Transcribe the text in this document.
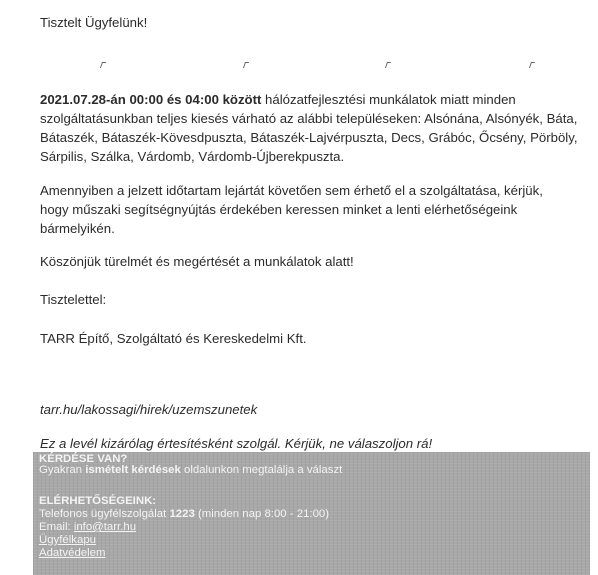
Tisztelt Ügyfelünk!
2021.07.28-án 00:00 és 04:00 között hálózatfejlesztési munkálatok miatt minden szolgáltatásunkban teljes kiesés várható az alábbi településeken: Alsónána, Alsónyék, Báta, Bátaszék, Bátaszék-Kövesdpuszta, Bátaszék-Lajvérpuszta, Decs, Grábóc, Őcsény, Pörböly, Sárpilis, Szálka, Várdomb, Várdomb-Újberekpuszta.
Amennyiben a jelzett időtartam lejártát követően sem érhető el a szolgáltatása, kérjük, hogy műszaki segítségnyújtás érdekében keressen minket a lenti elérhetőségeink bármelyikén.
Köszönjük türelmét és megértését a munkálatok alatt!
Tisztelettel:
TARR Építő, Szolgáltató és Kereskedelmi Kft.
tarr.hu/lakossagi/hirek/uzemszunetek
Ez a levél kizárólag értesítésként szolgál. Kérjük, ne válaszoljon rá!
KÉRDÉSE VAN?
Gyakran ismételt kérdések oldalunkon megtalálja a választ
ELÉRHETŐSÉGEINK:
Telefonos ügyfélszolgálat 1223 (minden nap 8:00 - 21:00)
Email: info@tarr.hu
Ügyfélkapu
Adatvédelem
